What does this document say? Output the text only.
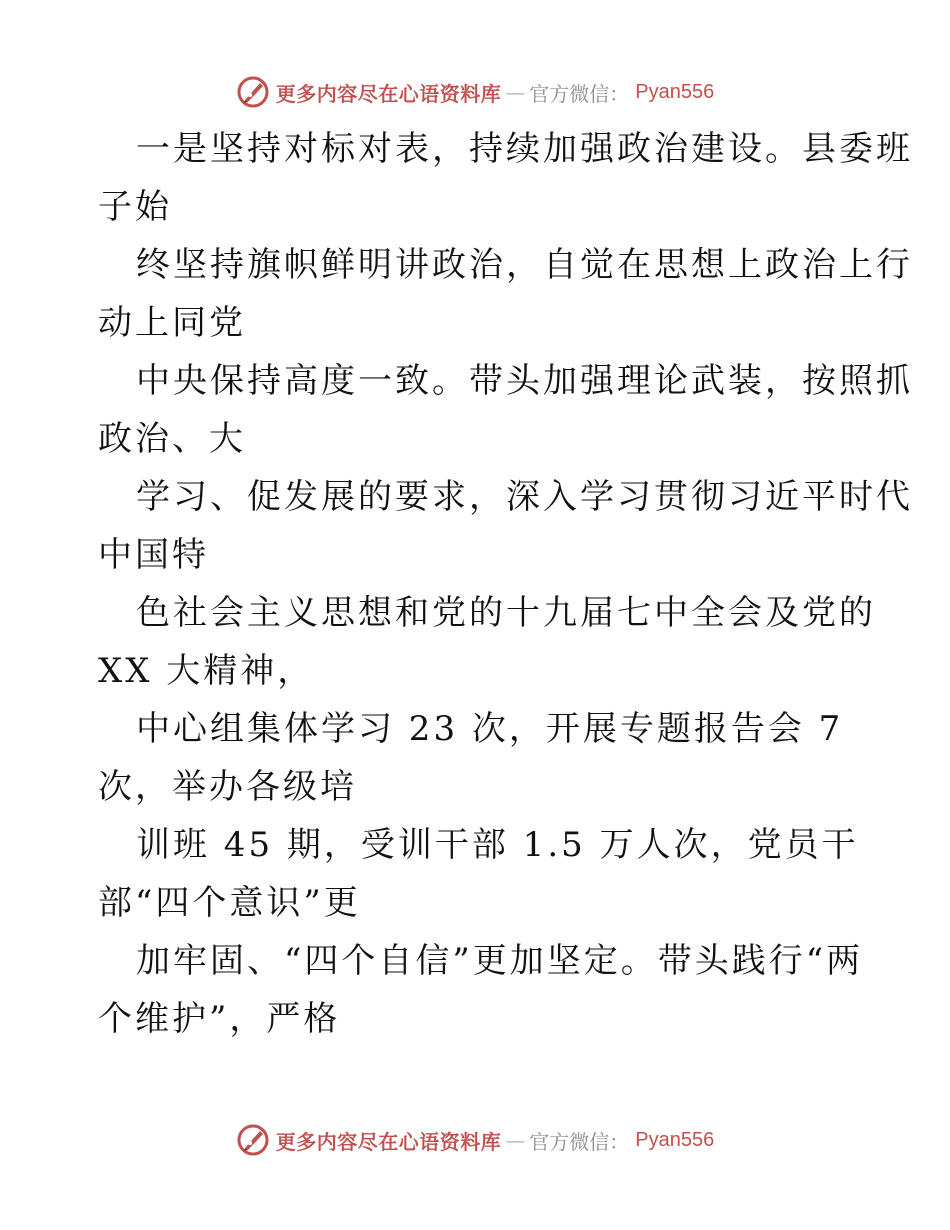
更多内容尽在心语资料库 — 官方微信： Pyan556
一是坚持对标对表，持续加强政治建设。县委班
子始
终坚持旗帜鲜明讲政治，自觉在思想上政治上行
动上同党
中央保持高度一致。带头加强理论武装，按照抓
政治、大
学习、促发展的要求，深入学习贯彻习近平时代
中国特
色社会主义思想和党的十九届七中全会及党的
XX 大精神，
中心组集体学习 23 次，开展专题报告会 7
次，举办各级培
训班 45 期，受训干部 1.5 万人次，党员干
部“四个意识”更
加牢固、“四个自信”更加坚定。带头践行“两
个维护”，严格
更多内容尽在心语资料库 — 官方微信： Pyan556
